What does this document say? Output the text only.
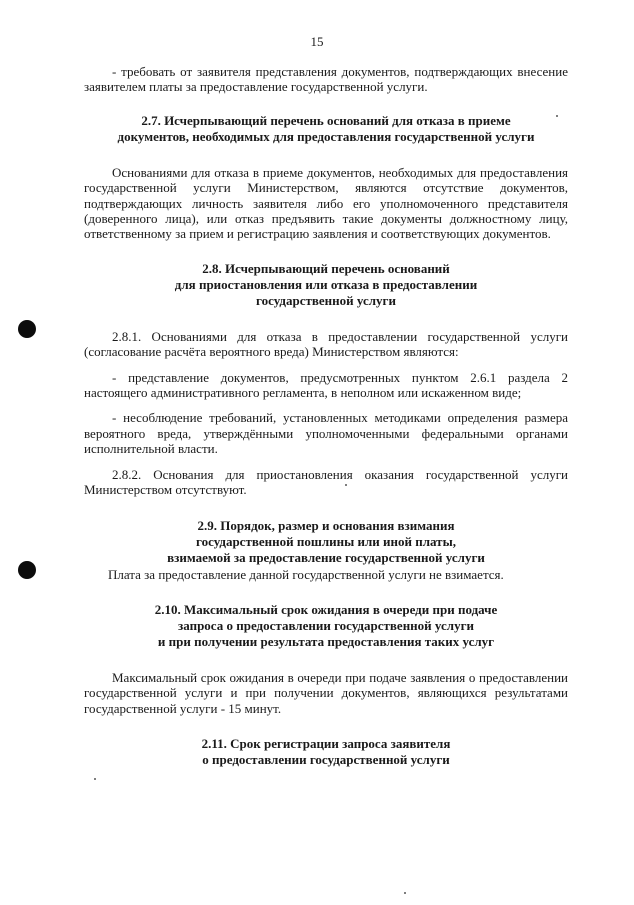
15

- требовать от заявителя представления документов, подтверждающих внесение заявителем платы за предоставление государственной услуги.

2.7. Исчерпывающий перечень оснований для отказа в приеме
документов, необходимых для предоставления государственной услуги

Основаниями для отказа в приеме документов, необходимых для предоставления государственной услуги Министерством, являются отсутствие документов, подтверждающих личность заявителя либо его уполномоченного представителя (доверенного лица), или отказ предъявить такие документы должностному лицу, ответственному за прием и регистрацию заявления и соответствующих документов.

2.8. Исчерпывающий перечень оснований
для приостановления или отказа в предоставлении
государственной услуги

2.8.1. Основаниями для отказа в предоставлении государственной услуги (согласование расчёта вероятного вреда) Министерством являются:

- представление документов, предусмотренных пунктом 2.6.1 раздела 2 настоящего административного регламента, в неполном или искаженном виде;

- несоблюдение требований, установленных методиками определения размера вероятного вреда, утверждёнными уполномоченными федеральными органами исполнительной власти.

2.8.2. Основания для приостановления оказания государственной услуги Министерством отсутствуют.

2.9. Порядок, размер и основания взимания
государственной пошлины или иной платы,
взимаемой за предоставление государственной услуги

Плата за предоставление данной государственной услуги не взимается.

2.10. Максимальный срок ожидания в очереди при подаче
запроса о предоставлении государственной услуги
и при получении результата предоставления таких услуг

Максимальный срок ожидания в очереди при подаче заявления о предоставлении государственной услуги и при получении документов, являющихся результатами государственной услуги - 15 минут.

2.11. Срок регистрации запроса заявителя
о предоставлении государственной услуги
